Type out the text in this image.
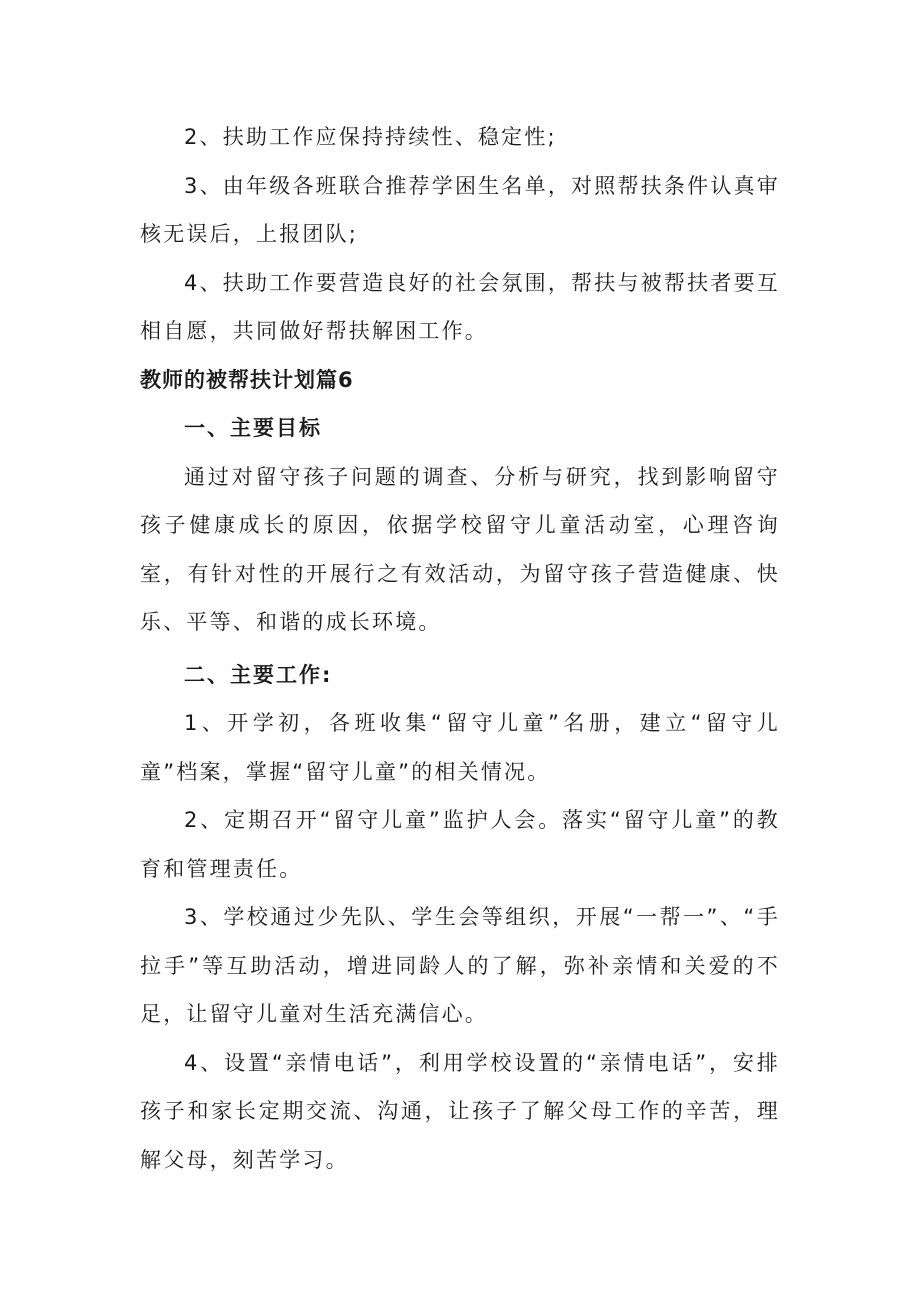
2、扶助工作应保持持续性、稳定性;

3、由年级各班联合推荐学困生名单，对照帮扶条件认真审核无误后，上报团队;

4、扶助工作要营造良好的社会氛围，帮扶与被帮扶者要互相自愿，共同做好帮扶解困工作。

教师的被帮扶计划篇6

一、主要目标

通过对留守孩子问题的调查、分析与研究，找到影响留守孩子健康成长的原因，依据学校留守儿童活动室，心理咨询室，有针对性的开展行之有效活动，为留守孩子营造健康、快乐、平等、和谐的成长环境。

二、主要工作:

1、开学初，各班收集“留守儿童”名册，建立“留守儿童”档案，掌握“留守儿童”的相关情况。

2、定期召开“留守儿童”监护人会。落实“留守儿童”的教育和管理责任。

3、学校通过少先队、学生会等组织，开展“一帮一”、“手拉手”等互助活动，增进同龄人的了解，弥补亲情和关爱的不足，让留守儿童对生活充满信心。

4、设置“亲情电话”，利用学校设置的“亲情电话”，安排孩子和家长定期交流、沟通，让孩子了解父母工作的辛苦，理解父母，刻苦学习。
